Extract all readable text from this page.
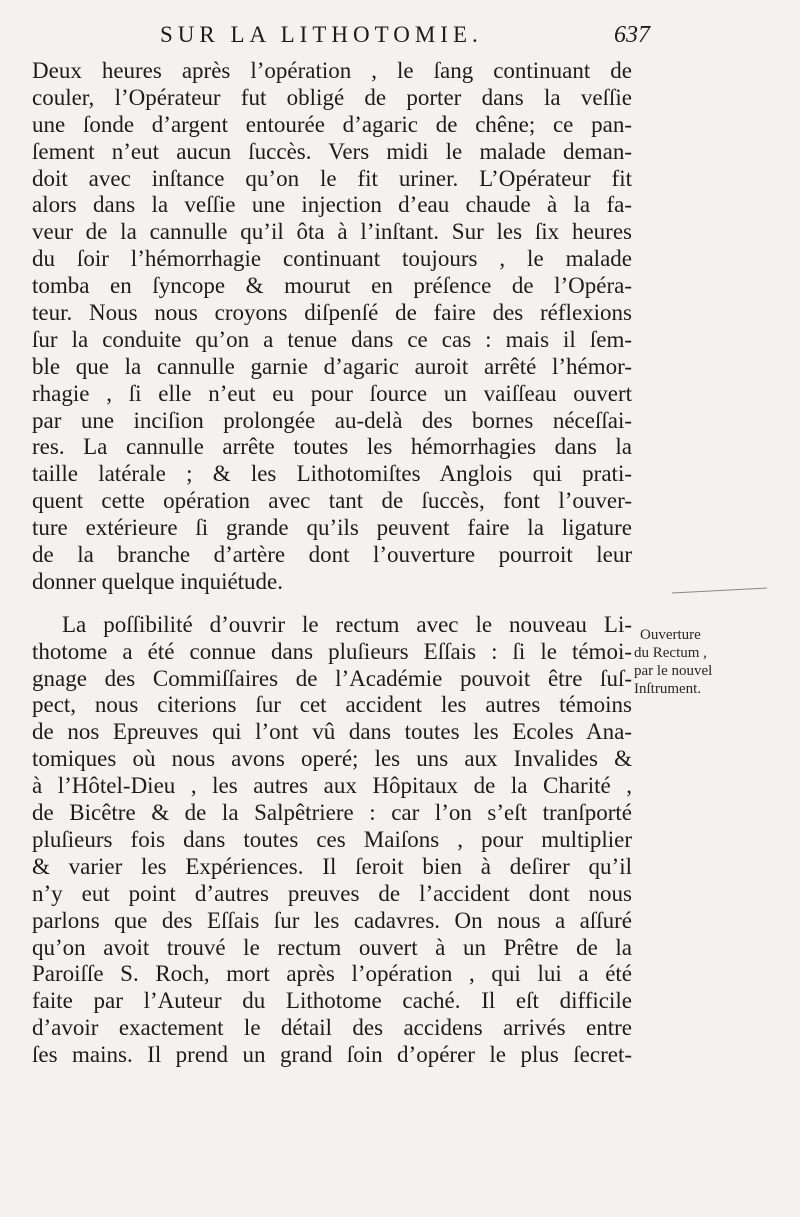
SUR LA LITHOTOMIE.	637
Deux heures après l’opération , le ſang continuant de
couler, l’Opérateur fut obligé de porter dans la veſſie
une ſonde d’argent entourée d’agaric de chêne; ce pan-
ſement n’eut aucun ſuccès. Vers midi le malade deman-
doit avec inſtance qu’on le fit uriner. L’Opérateur fit
alors dans la veſſie une injection d’eau chaude à la fa-
veur de la cannulle qu’il ôta à l’inſtant. Sur les ſix heures
du ſoir l’hémorrhagie continuant toujours , le malade
tomba en ſyncope & mourut en préſence de l’Opéra-
teur. Nous nous croyons diſpenſé de faire des réflexions
ſur la conduite qu’on a tenue dans ce cas : mais il ſem-
ble que la cannulle garnie d’agaric auroit arrêté l’hémor-
rhagie , ſi elle n’eut eu pour ſource un vaiſſeau ouvert
par une inciſion prolongée au-delà des bornes néceſſai-
res. La cannulle arrête toutes les hémorrhagies dans la
taille latérale ; & les Lithotomiſtes Anglois qui prati-
quent cette opération avec tant de ſuccès, font l’ouver-
ture extérieure ſi grande qu’ils peuvent faire la ligature
de la branche d’artère dont l’ouverture pourroit leur
donner quelque inquiétude.
La poſſibilité d’ouvrir le rectum avec le nouveau Li-
thotome a été connue dans pluſieurs Eſſais : ſi le témoi-
gnage des Commiſſaires de l’Académie pouvoit être ſuſ-
pect, nous citerions ſur cet accident les autres témoins
de nos Epreuves qui l’ont vû dans toutes les Ecoles Ana-
tomiques où nous avons operé; les uns aux Invalides &
à l’Hôtel-Dieu , les autres aux Hôpitaux de la Charité ,
de Bicêtre & de la Salpêtriere : car l’on s’eſt tranſporté
pluſieurs fois dans toutes ces Maiſons , pour multiplier
& varier les Expériences. Il ſeroit bien à deſirer qu’il
n’y eut point d’autres preuves de l’accident dont nous
parlons que des Eſſais ſur les cadavres. On nous a aſſuré
qu’on avoit trouvé le rectum ouvert à un Prêtre de la
Paroiſſe S. Roch, mort après l’opération , qui lui a été
faite par l’Auteur du Lithotome caché. Il eſt difficile
d’avoir exactement le détail des accidens arrivés entre
ſes mains. Il prend un grand ſoin d’opérer le plus ſecret-
Ouverture
du Rectum ,
par le nouvel
Inſtrument.
